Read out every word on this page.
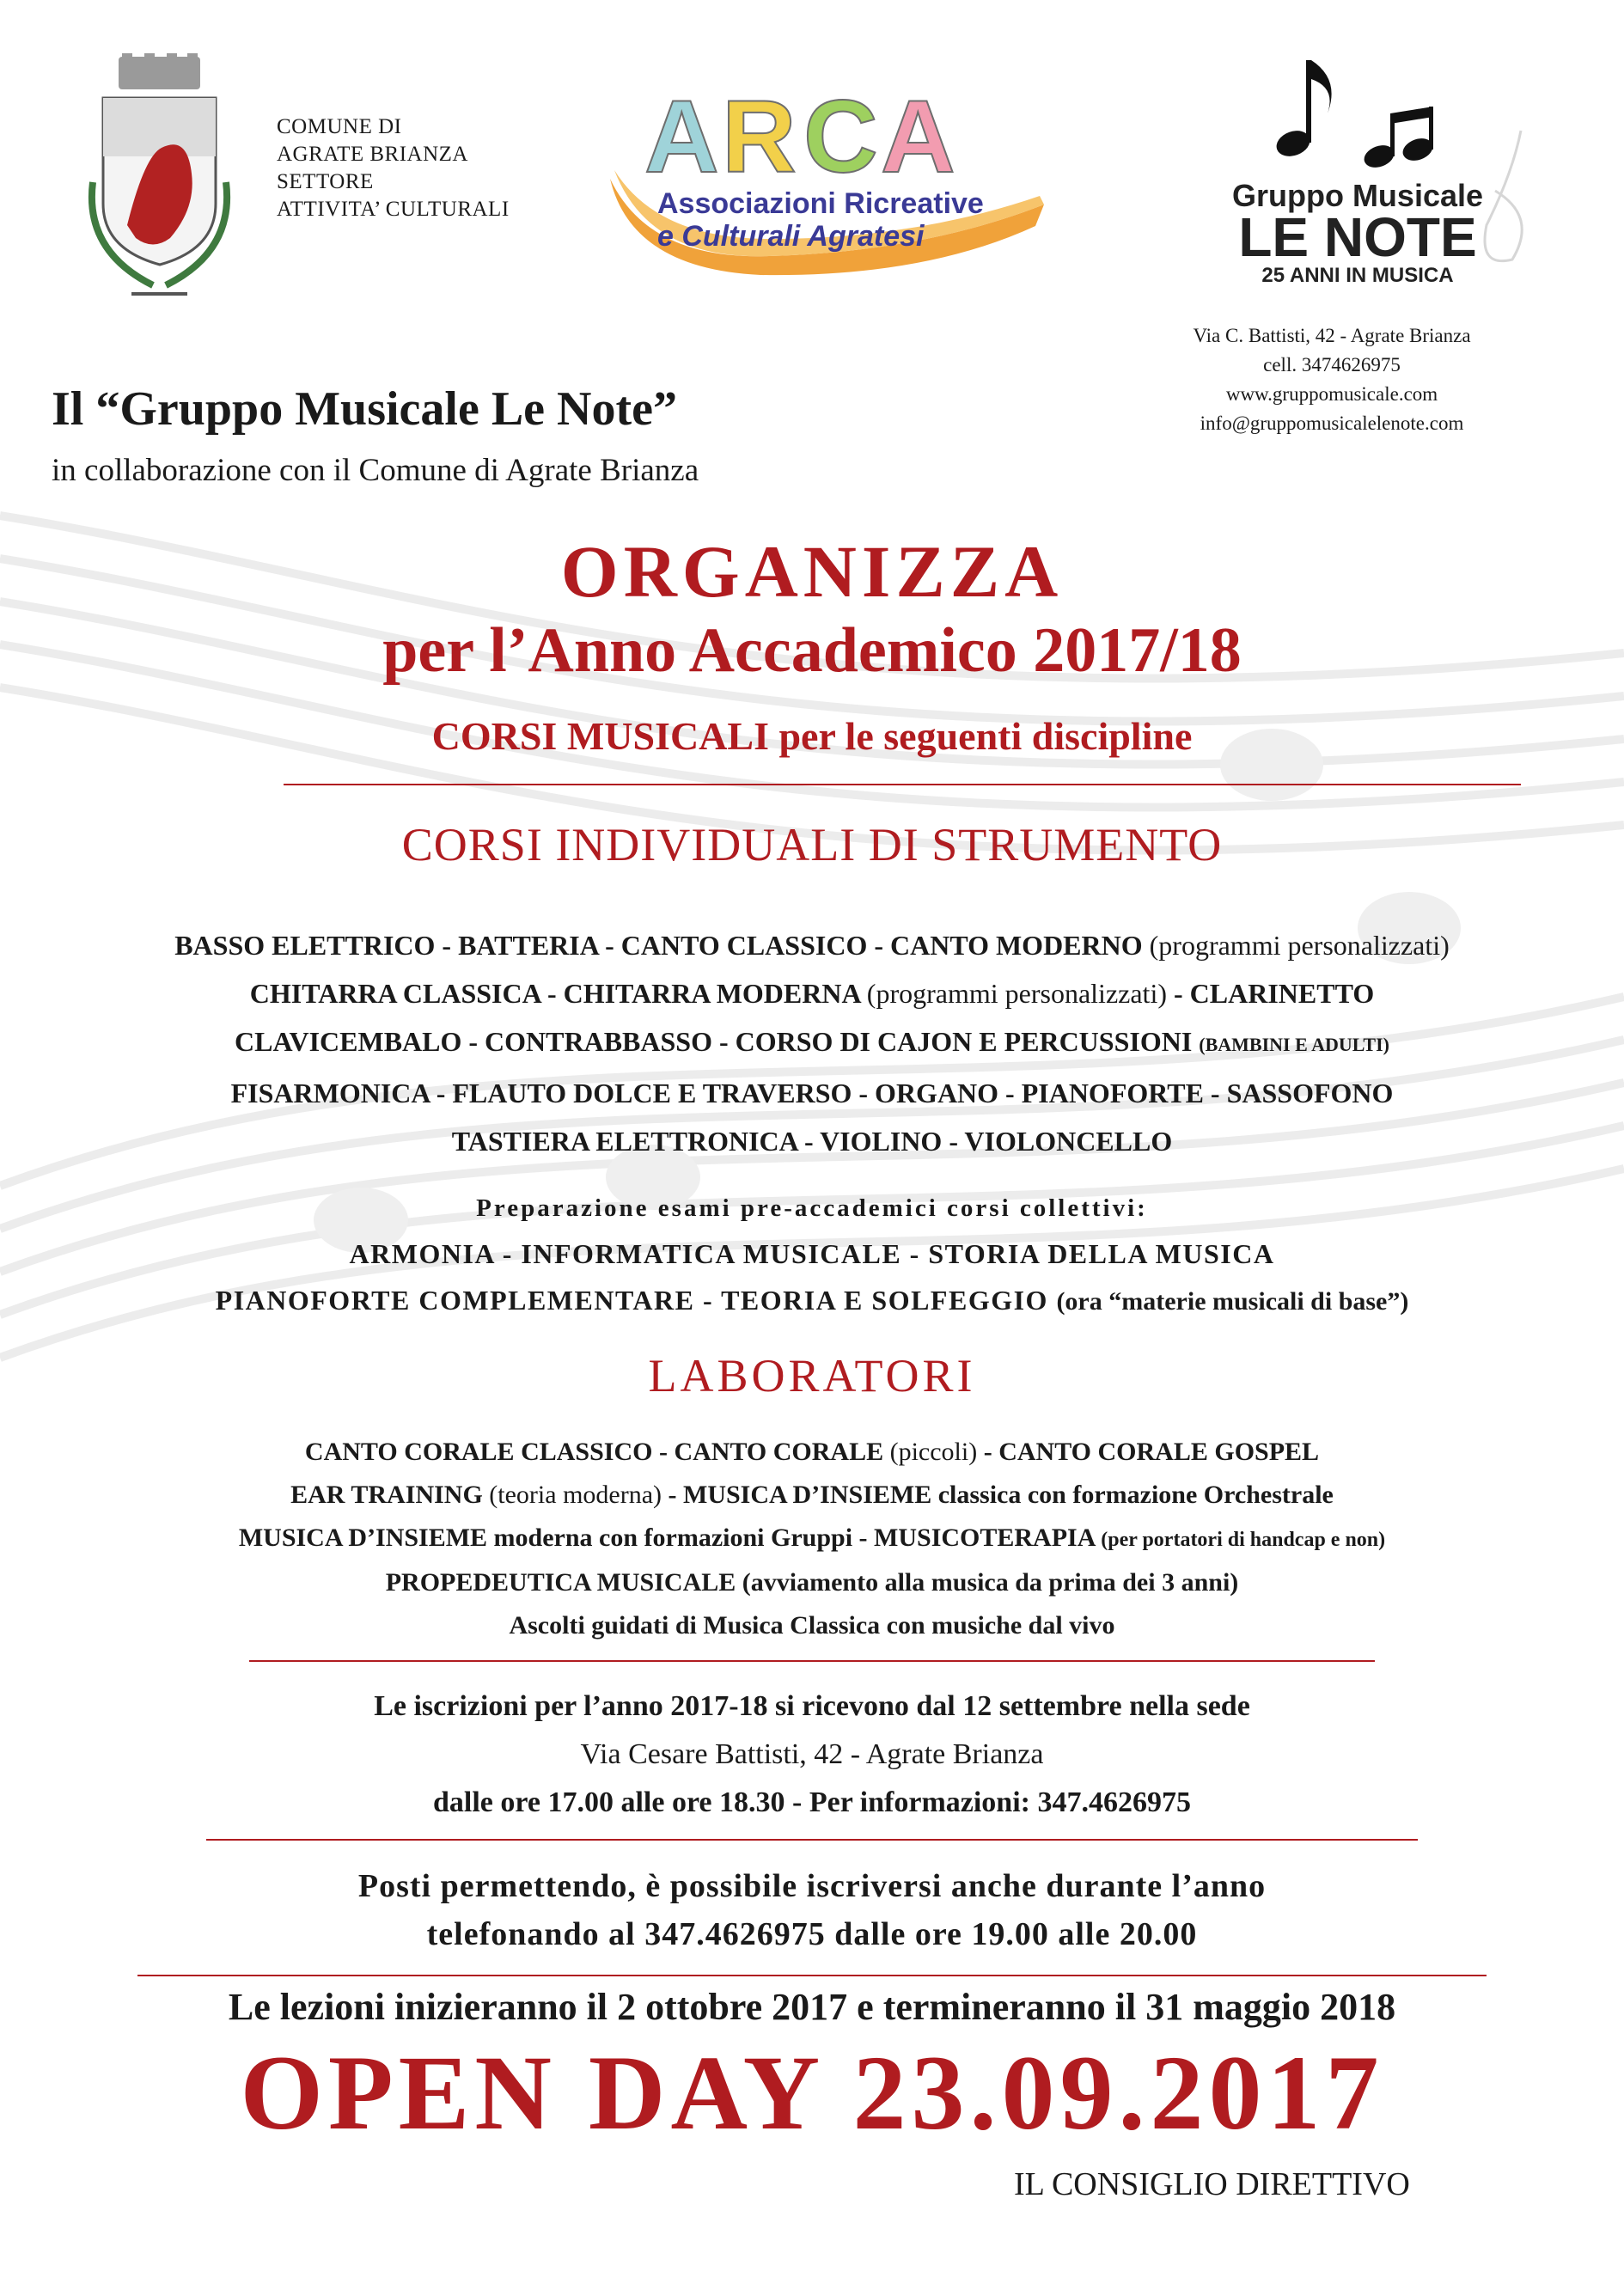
COMUNE DI
AGRATE BRIANZA
SETTORE
ATTIVITA’ CULTURALI
A R C A
Associazioni Ricreative
e Culturali Agratesi
Gruppo Musicale
LE NOTE
25 ANNI IN MUSICA
Via C. Battisti, 42 - Agrate Brianza
cell. 3474626975
www.gruppomusicale.com
info@gruppomusicalelenote.com
Il “Gruppo Musicale Le Note”
in collaborazione con il Comune di Agrate Brianza
ORGANIZZA
per l’Anno Accademico 2017/18
CORSI MUSICALI per le seguenti discipline
CORSI INDIVIDUALI DI STRUMENTO
BASSO ELETTRICO - BATTERIA - CANTO CLASSICO - CANTO MODERNO (programmi personalizzati)
CHITARRA CLASSICA - CHITARRA MODERNA (programmi personalizzati) - CLARINETTO
CLAVICEMBALO - CONTRABBASSO - CORSO DI CAJON E PERCUSSIONI (BAMBINI E ADULTI)
FISARMONICA - FLAUTO DOLCE E TRAVERSO - ORGANO - PIANOFORTE - SASSOFONO
TASTIERA ELETTRONICA - VIOLINO - VIOLONCELLO
Preparazione esami pre-accademici corsi collettivi:
ARMONIA - INFORMATICA MUSICALE - STORIA DELLA MUSICA
PIANOFORTE COMPLEMENTARE - TEORIA E SOLFEGGIO (ora “materie musicali di base”)
LABORATORI
CANTO CORALE CLASSICO - CANTO CORALE (piccoli) - CANTO CORALE GOSPEL
EAR TRAINING (teoria moderna) - MUSICA D’INSIEME classica con formazione Orchestrale
MUSICA D’INSIEME moderna con formazioni Gruppi - MUSICOTERAPIA (per portatori di handcap e non)
PROPEDEUTICA MUSICALE (avviamento alla musica da prima dei 3 anni)
Ascolti guidati di Musica Classica con musiche dal vivo
Le iscrizioni per l’anno 2017-18 si ricevono dal 12 settembre nella sede
Via Cesare Battisti, 42 - Agrate Brianza
dalle ore 17.00 alle ore 18.30 - Per informazioni: 347.4626975
Posti permettendo, è possibile iscriversi anche durante l’anno
telefonando al 347.4626975 dalle ore 19.00 alle 20.00
Le lezioni inizieranno il 2 ottobre 2017 e termineranno il 31 maggio 2018
OPEN DAY 23.09.2017
IL CONSIGLIO DIRETTIVO
